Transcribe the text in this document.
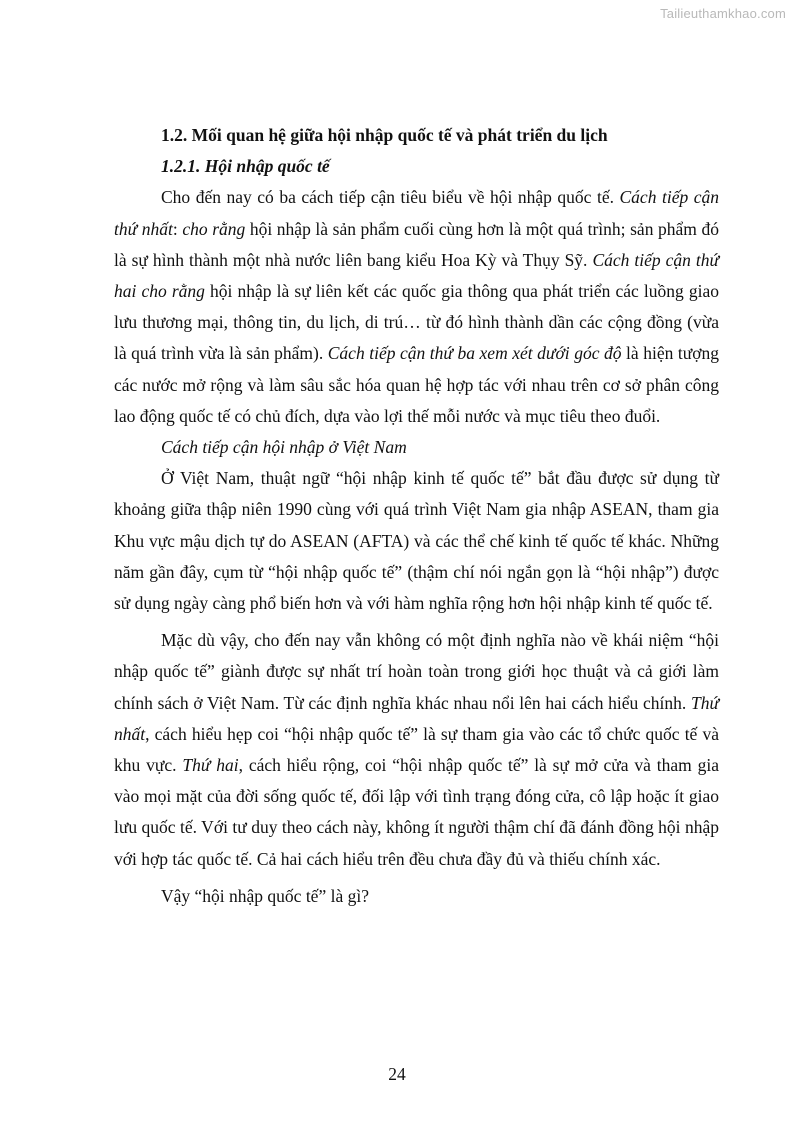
Tailieuthamkhao.com

1.2. Mối quan hệ giữa hội nhập quốc tế và phát triển du lịch

1.2.1. Hội nhập quốc tế

Cho đến nay có ba cách tiếp cận tiêu biểu về hội nhập quốc tế. Cách tiếp cận thứ nhất: cho rằng hội nhập là sản phẩm cuối cùng hơn là một quá trình; sản phẩm đó là sự hình thành một nhà nước liên bang kiểu Hoa Kỳ và Thụy Sỹ. Cách tiếp cận thứ hai cho rằng hội nhập là sự liên kết các quốc gia thông qua phát triển các luồng giao lưu thương mại, thông tin, du lịch, di trú… từ đó hình thành dần các cộng đồng (vừa là quá trình vừa là sản phẩm). Cách tiếp cận thứ ba xem xét dưới góc độ là hiện tượng các nước mở rộng và làm sâu sắc hóa quan hệ hợp tác với nhau trên cơ sở phân công lao động quốc tế có chủ đích, dựa vào lợi thế mỗi nước và mục tiêu theo đuổi.

Cách tiếp cận hội nhập ở Việt Nam

Ở Việt Nam, thuật ngữ “hội nhập kinh tế quốc tế” bắt đầu được sử dụng từ khoảng giữa thập niên 1990 cùng với quá trình Việt Nam gia nhập ASEAN, tham gia Khu vực mậu dịch tự do ASEAN (AFTA) và các thể chế kinh tế quốc tế khác. Những năm gần đây, cụm từ “hội nhập quốc tế” (thậm chí nói ngắn gọn là “hội nhập”) được sử dụng ngày càng phổ biến hơn và với hàm nghĩa rộng hơn hội nhập kinh tế quốc tế.

Mặc dù vậy, cho đến nay vẫn không có một định nghĩa nào về khái niệm “hội nhập quốc tế” giành được sự nhất trí hoàn toàn trong giới học thuật và cả giới làm chính sách ở Việt Nam. Từ các định nghĩa khác nhau nổi lên hai cách hiểu chính. Thứ nhất, cách hiểu hẹp coi “hội nhập quốc tế” là sự tham gia vào các tổ chức quốc tế và khu vực. Thứ hai, cách hiểu rộng, coi “hội nhập quốc tế” là sự mở cửa và tham gia vào mọi mặt của đời sống quốc tế, đối lập với tình trạng đóng cửa, cô lập hoặc ít giao lưu quốc tế. Với tư duy theo cách này, không ít người thậm chí đã đánh đồng hội nhập với hợp tác quốc tế. Cả hai cách hiểu trên đều chưa đầy đủ và thiếu chính xác.

Vậy “hội nhập quốc tế” là gì?

24
